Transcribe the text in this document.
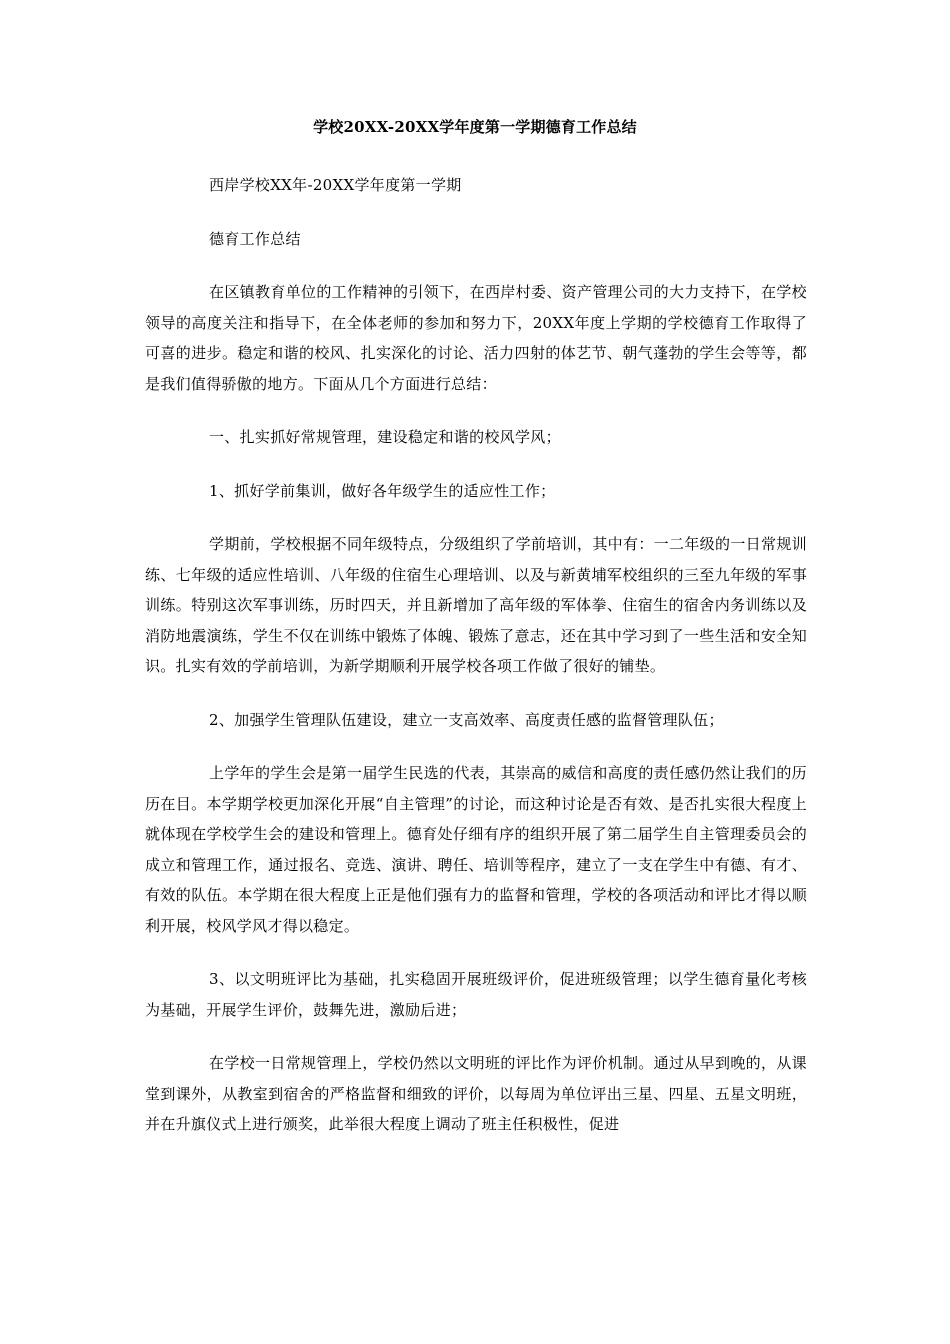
学校20XX-20XX学年度第一学期德育工作总结

西岸学校XX年-20XX学年度第一学期

德育工作总结

在区镇教育单位的工作精神的引领下，在西岸村委、资产管理公司的大力支持下，在学校领导的高度关注和指导下，在全体老师的参加和努力下，20XX年度上学期的学校德育工作取得了可喜的进步。稳定和谐的校风、扎实深化的讨论、活力四射的体艺节、朝气蓬勃的学生会等等，都是我们值得骄傲的地方。下面从几个方面进行总结：

一、扎实抓好常规管理，建设稳定和谐的校风学风；

1、抓好学前集训，做好各年级学生的适应性工作；

学期前，学校根据不同年级特点，分级组织了学前培训，其中有：一二年级的一日常规训练、七年级的适应性培训、八年级的住宿生心理培训、以及与新黄埔军校组织的三至九年级的军事训练。特别这次军事训练，历时四天，并且新增加了高年级的军体拳、住宿生的宿舍内务训练以及消防地震演练，学生不仅在训练中锻炼了体魄、锻炼了意志，还在其中学习到了一些生活和安全知识。扎实有效的学前培训，为新学期顺利开展学校各项工作做了很好的铺垫。

2、加强学生管理队伍建设，建立一支高效率、高度责任感的监督管理队伍；

上学年的学生会是第一届学生民选的代表，其崇高的威信和高度的责任感仍然让我们的历历在目。本学期学校更加深化开展“自主管理”的讨论，而这种讨论是否有效、是否扎实很大程度上就体现在学校学生会的建设和管理上。德育处仔细有序的组织开展了第二届学生自主管理委员会的成立和管理工作，通过报名、竞选、演讲、聘任、培训等程序，建立了一支在学生中有德、有才、有效的队伍。本学期在很大程度上正是他们强有力的监督和管理，学校的各项活动和评比才得以顺利开展，校风学风才得以稳定。

3、以文明班评比为基础，扎实稳固开展班级评价，促进班级管理；以学生德育量化考核为基础，开展学生评价，鼓舞先进，激励后进；

在学校一日常规管理上，学校仍然以文明班的评比作为评价机制。通过从早到晚的，从课堂到课外，从教室到宿舍的严格监督和细致的评价，以每周为单位评出三星、四星、五星文明班，并在升旗仪式上进行颁奖，此举很大程度上调动了班主任积极性，促进
